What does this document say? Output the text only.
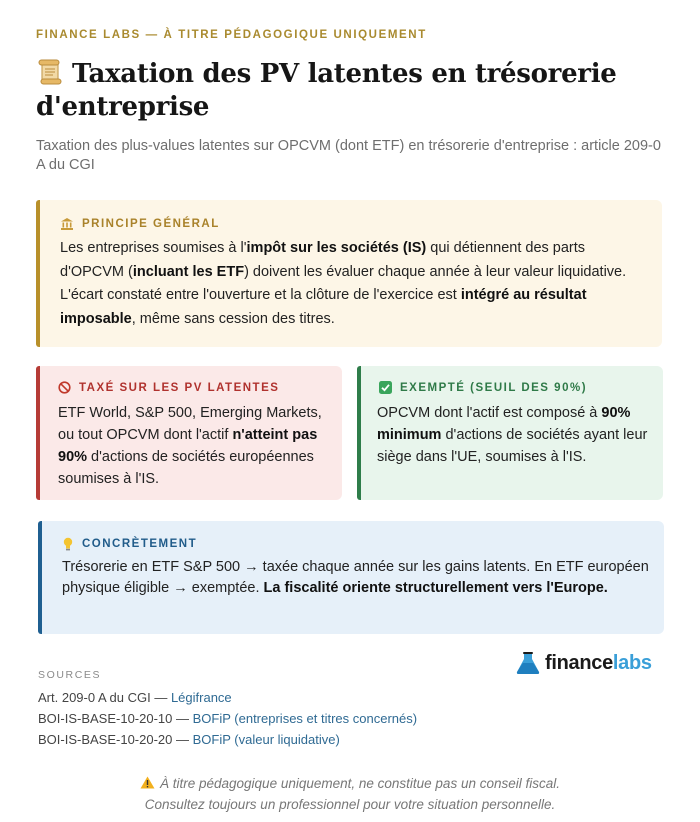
FINANCE LABS — À TITRE PÉDAGOGIQUE UNIQUEMENT
Taxation des PV latentes en trésorerie d'entreprise

Taxation des plus-values latentes sur OPCVM (dont ETF) en trésorerie d'entreprise : article 209-0 A du CGI

PRINCIPE GÉNÉRAL

Les entreprises soumises à l'impôt sur les sociétés (IS) qui détiennent des parts d'OPCVM (incluant les ETF) doivent les évaluer chaque année à leur valeur liquidative. L'écart constaté entre l'ouverture et la clôture de l'exercice est intégré au résultat imposable, même sans cession des titres.

TAXÉ SUR LES PV LATENTES

ETF World, S&P 500, Emerging Markets, ou tout OPCVM dont l'actif n'atteint pas 90% d'actions de sociétés européennes soumises à l'IS.

EXEMPTÉ (SEUIL DES 90%)

OPCVM dont l'actif est composé à 90% minimum d'actions de sociétés ayant leur siège dans l'UE, soumises à l'IS.

CONCRÈTEMENT

Trésorerie en ETF S&P 500 → taxée chaque année sur les gains latents. En ETF européen physique éligible → exemptée. La fiscalité oriente structurellement vers l'Europe.

finance labs
SOURCES
Art. 209-0 A du CGI — Légifrance
BOI-IS-BASE-10-20-10 — BOFiP (entreprises et titres concernés)
BOI-IS-BASE-10-20-20 — BOFiP (valeur liquidative)
À titre pédagogique uniquement, ne constitue pas un conseil fiscal.
Consultez toujours un professionnel pour votre situation personnelle.
